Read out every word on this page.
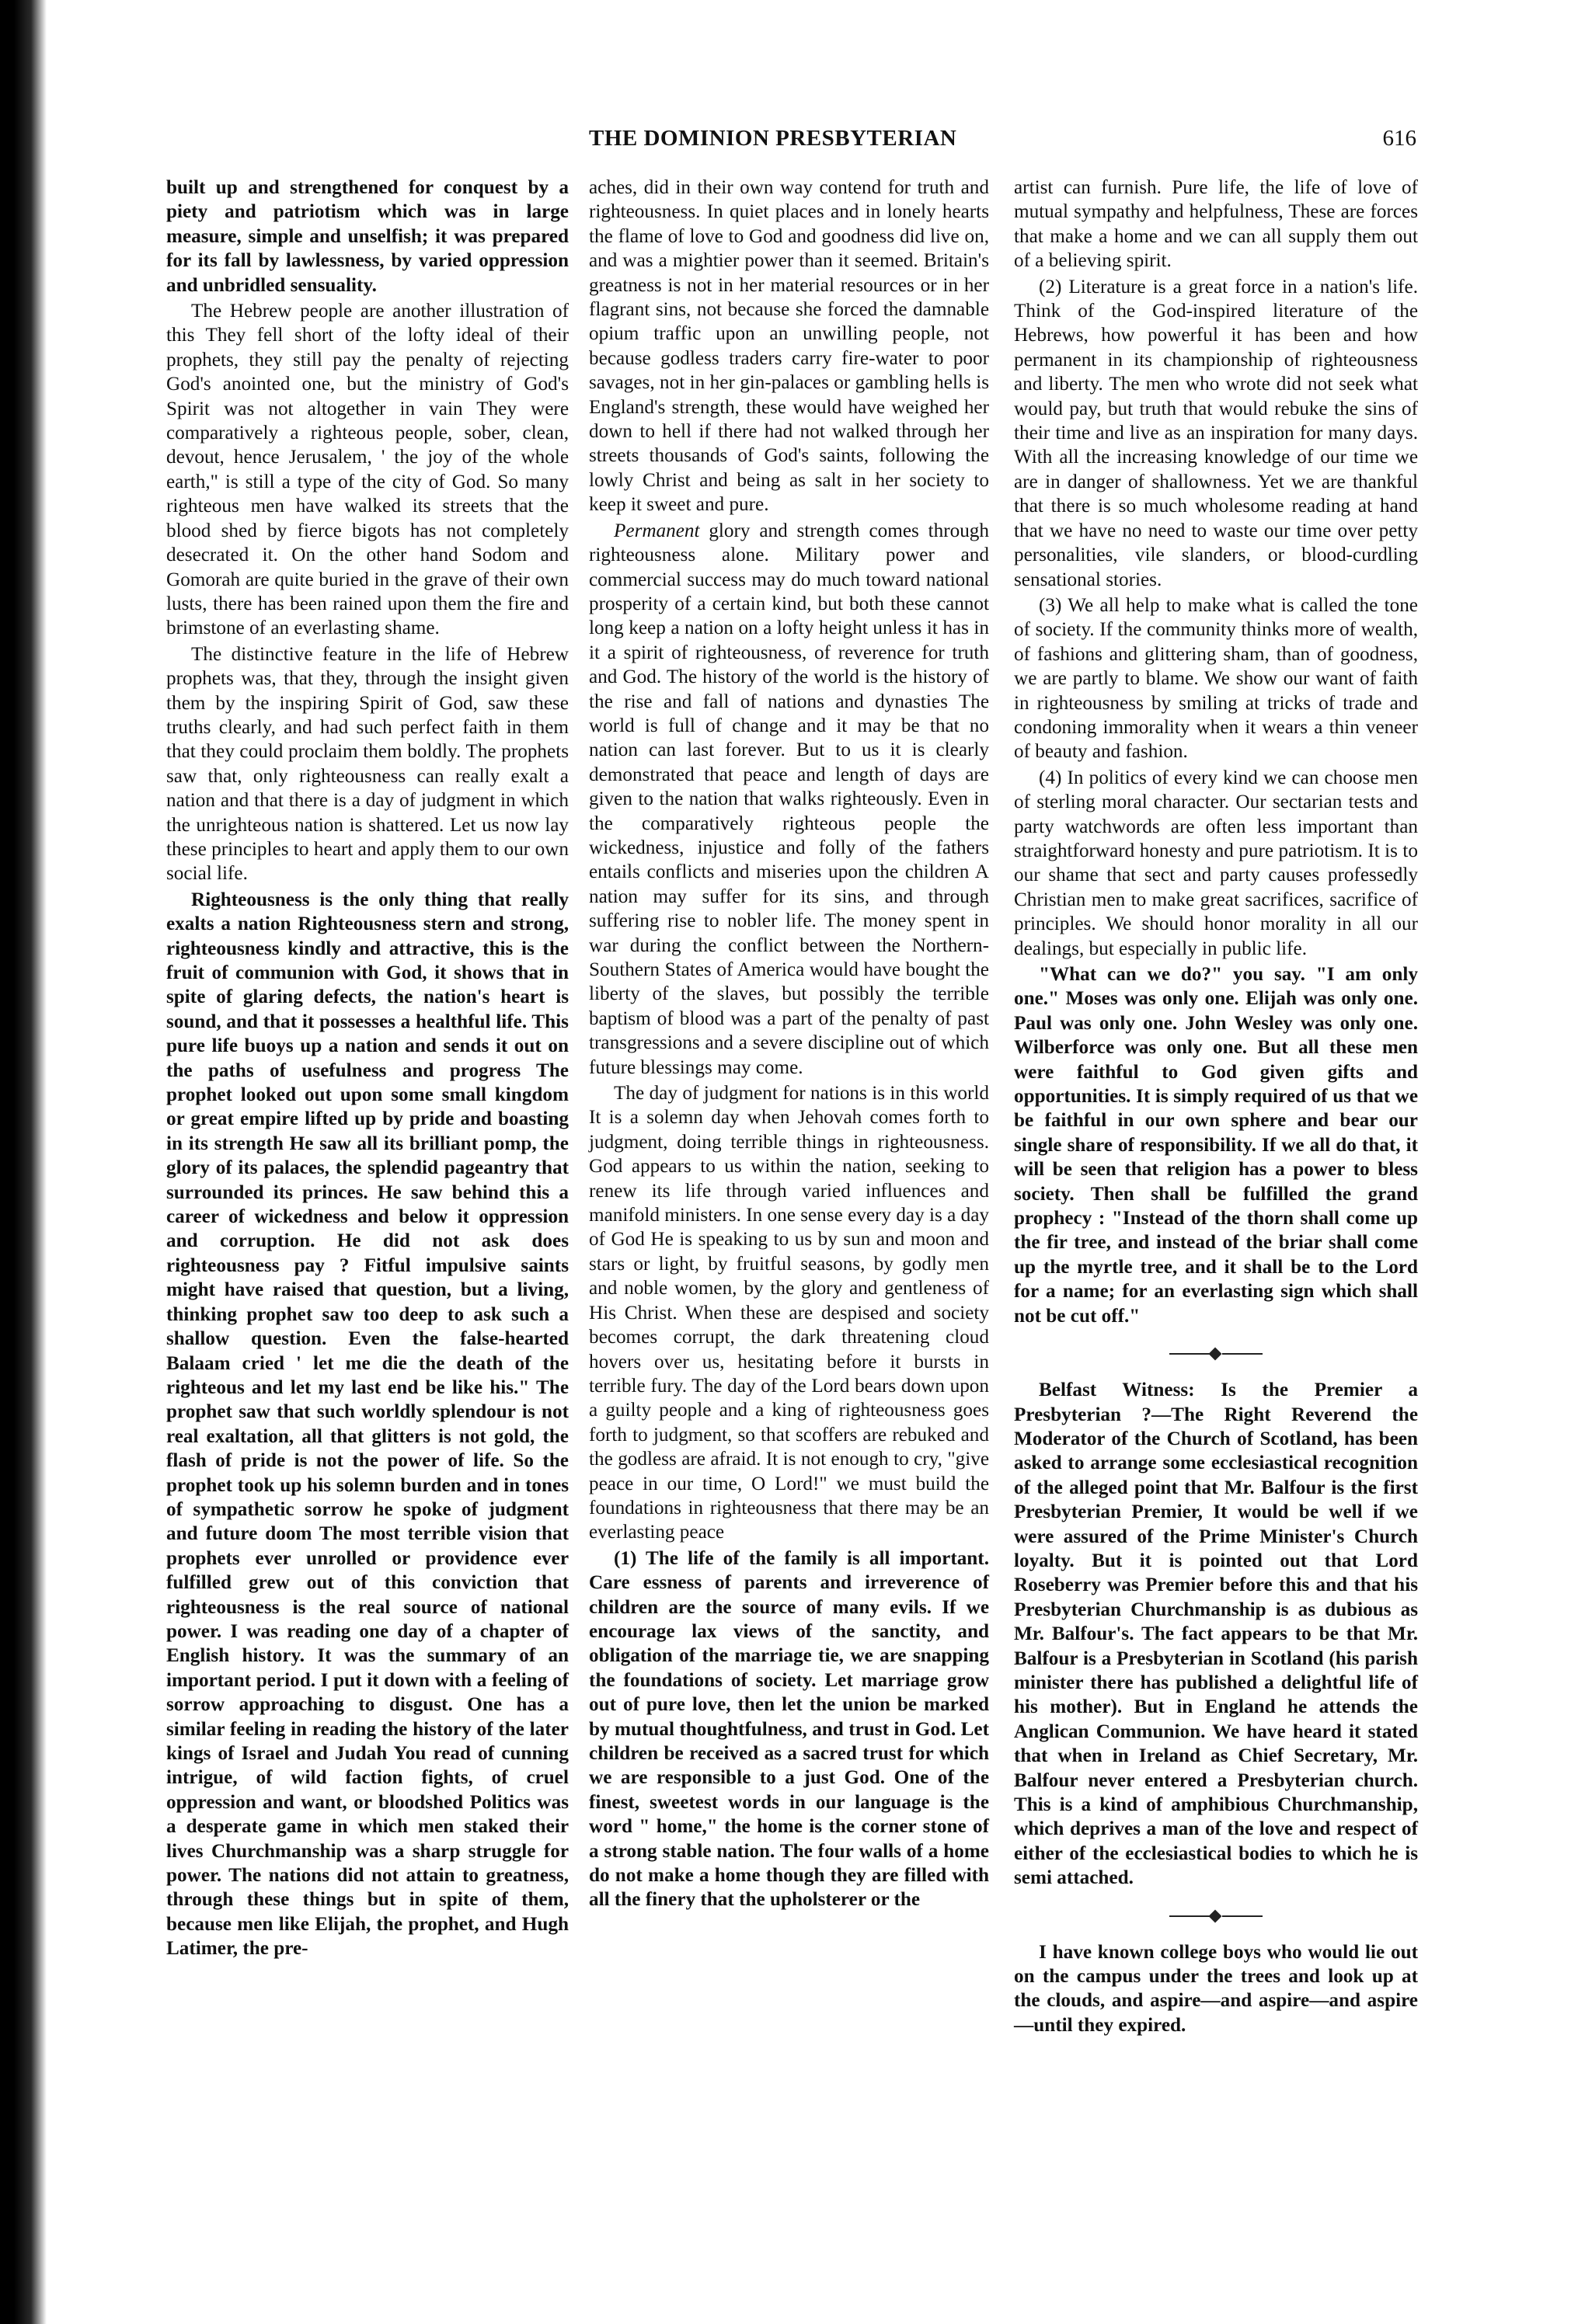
THE DOMINION PRESBYTERIAN	616

built up and strengthened for conquest by a piety and patriotism which was in large measure, simple and unselfish; it was prepared for its fall by lawlessness, by varied oppression and unbridled sensuality.

The Hebrew people are another illustration of this They fell short of the lofty ideal of their prophets, they still pay the penalty of rejecting God's anointed one, but the ministry of God's Spirit was not altogether in vain They were comparatively a righteous people, sober, clean, devout, hence Jerusalem, ' the joy of the whole earth," is still a type of the city of God. So many righteous men have walked its streets that the blood shed by fierce bigots has not completely desecrated it. On the other hand Sodom and Gomorah are quite buried in the grave of their own lusts, there has been rained upon them the fire and brimstone of an everlasting shame.

The distinctive feature in the life of Hebrew prophets was, that they, through the insight given them by the inspiring Spirit of God, saw these truths clearly, and had such perfect faith in them that they could proclaim them boldly. The prophets saw that, only righteousness can really exalt a nation and that there is a day of judgment in which the unrighteous nation is shattered. Let us now lay these principles to heart and apply them to our own social life.

Righteousness is the only thing that really exalts a nation Righteousness stern and strong, righteousness kindly and attractive, this is the fruit of communion with God, it shows that in spite of glaring defects, the nation's heart is sound, and that it possesses a healthful life. This pure life buoys up a nation and sends it out on the paths of usefulness and progress The prophet looked out upon some small kingdom or great empire lifted up by pride and boasting in its strength He saw all its brilliant pomp, the glory of its palaces, the splendid pageantry that surrounded its princes. He saw behind this a career of wickedness and below it oppression and corruption. He did not ask does righteousness pay ? Fitful impulsive saints might have raised that question, but a living, thinking prophet saw too deep to ask such a shallow question. Even the false-hearted Balaam cried ' let me die the death of the righteous and let my last end be like his." The prophet saw that such worldly splendour is not real exaltation, all that glitters is not gold, the flash of pride is not the power of life. So the prophet took up his solemn burden and in tones of sympathetic sorrow he spoke of judgment and future doom The most terrible vision that prophets ever unrolled or providence ever fulfilled grew out of this conviction that righteousness is the real source of national power. I was reading one day of a chapter of English history. It was the summary of an important period. I put it down with a feeling of sorrow approaching to disgust. One has a similar feeling in reading the history of the later kings of Israel and Judah You read of cunning intrigue, of wild faction fights, of cruel oppression and want, or bloodshed Politics was a desperate game in which men staked their lives Churchmanship was a sharp struggle for power. The nations did not attain to greatness, through these things but in spite of them, because men like Elijah, the prophet, and Hugh Latimer, the pre-

aches, did in their own way contend for truth and righteousness. In quiet places and in lonely hearts the flame of love to God and goodness did live on, and was a mightier power than it seemed. Britain's greatness is not in her material resources or in her flagrant sins, not because she forced the damnable opium traffic upon an unwilling people, not because godless traders carry fire-water to poor savages, not in her gin-palaces or gambling hells is England's strength, these would have weighed her down to hell if there had not walked through her streets thousands of God's saints, following the lowly Christ and being as salt in her society to keep it sweet and pure.

Permanent glory and strength comes through righteousness alone. Military power and commercial success may do much toward national prosperity of a certain kind, but both these cannot long keep a nation on a lofty height unless it has in it a spirit of righteousness, of reverence for truth and God. The history of the world is the history of the rise and fall of nations and dynasties The world is full of change and it may be that no nation can last forever. But to us it is clearly demonstrated that peace and length of days are given to the nation that walks righteously. Even in the comparatively righteous people the wickedness, injustice and folly of the fathers entails conflicts and miseries upon the children A nation may suffer for its sins, and through suffering rise to nobler life. The money spent in war during the conflict between the Northern-Southern States of America would have bought the liberty of the slaves, but possibly the terrible baptism of blood was a part of the penalty of past transgressions and a severe discipline out of which future blessings may come.

The day of judgment for nations is in this world It is a solemn day when Jehovah comes forth to judgment, doing terrible things in righteousness. God appears to us within the nation, seeking to renew its life through varied influences and manifold ministers. In one sense every day is a day of God He is speaking to us by sun and moon and stars or light, by fruitful seasons, by godly men and noble women, by the glory and gentleness of His Christ. When these are despised and society becomes corrupt, the dark threatening cloud hovers over us, hesitating before it bursts in terrible fury. The day of the Lord bears down upon a guilty people and a king of righteousness goes forth to judgment, so that scoffers are rebuked and the godless are afraid. It is not enough to cry, "give peace in our time, O Lord!" we must build the foundations in righteousness that there may be an everlasting peace

(1) The life of the family is all important. Care essness of parents and irreverence of children are the source of many evils. If we encourage lax views of the sanctity, and obligation of the marriage tie, we are snapping the foundations of society. Let marriage grow out of pure love, then let the union be marked by mutual thoughtfulness, and trust in God. Let children be received as a sacred trust for which we are responsible to a just God. One of the finest, sweetest words in our language is the word " home," the home is the corner stone of a strong stable nation. The four walls of a home do not make a home though they are filled with all the finery that the upholsterer or the

artist can furnish. Pure life, the life of love of mutual sympathy and helpfulness, These are forces that make a home and we can all supply them out of a believing spirit.

(2) Literature is a great force in a nation's life. Think of the God-inspired literature of the Hebrews, how powerful it has been and how permanent in its championship of righteousness and liberty. The men who wrote did not seek what would pay, but truth that would rebuke the sins of their time and live as an inspiration for many days. With all the increasing knowledge of our time we are in danger of shallowness. Yet we are thankful that there is so much wholesome reading at hand that we have no need to waste our time over petty personalities, vile slanders, or blood-curdling sensational stories.

(3) We all help to make what is called the tone of society. If the community thinks more of wealth, of fashions and glittering sham, than of goodness, we are partly to blame. We show our want of faith in righteousness by smiling at tricks of trade and condoning immorality when it wears a thin veneer of beauty and fashion.

(4) In politics of every kind we can choose men of sterling moral character. Our sectarian tests and party watchwords are often less important than straightforward honesty and pure patriotism. It is to our shame that sect and party causes professedly Christian men to make great sacrifices, sacrifice of principles. We should honor morality in all our dealings, but especially in public life.

"What can we do?" you say. "I am only one." Moses was only one. Elijah was only one. Paul was only one. John Wesley was only one. Wilberforce was only one. But all these men were faithful to God given gifts and opportunities. It is simply required of us that we be faithful in our own sphere and bear our single share of responsibility. If we all do that, it will be seen that religion has a power to bless society. Then shall be fulfilled the grand prophecy : "Instead of the thorn shall come up the fir tree, and instead of the briar shall come up the myrtle tree, and it shall be to the Lord for a name; for an everlasting sign which shall not be cut off."

Belfast Witness: Is the Premier a Presbyterian ?—The Right Reverend the Moderator of the Church of Scotland, has been asked to arrange some ecclesiastical recognition of the alleged point that Mr. Balfour is the first Presbyterian Premier, It would be well if we were assured of the Prime Minister's Church loyalty. But it is pointed out that Lord Roseberry was Premier before this and that his Presbyterian Churchmanship is as dubious as Mr. Balfour's. The fact appears to be that Mr. Balfour is a Presbyterian in Scotland (his parish minister there has published a delightful life of his mother). But in England he attends the Anglican Communion. We have heard it stated that when in Ireland as Chief Secretary, Mr. Balfour never entered a Presbyterian church. This is a kind of amphibious Churchmanship, which deprives a man of the love and respect of either of the ecclesiastical bodies to which he is semi attached.

I have known college boys who would lie out on the campus under the trees and look up at the clouds, and aspire—and aspire—and aspire—until they expired.
